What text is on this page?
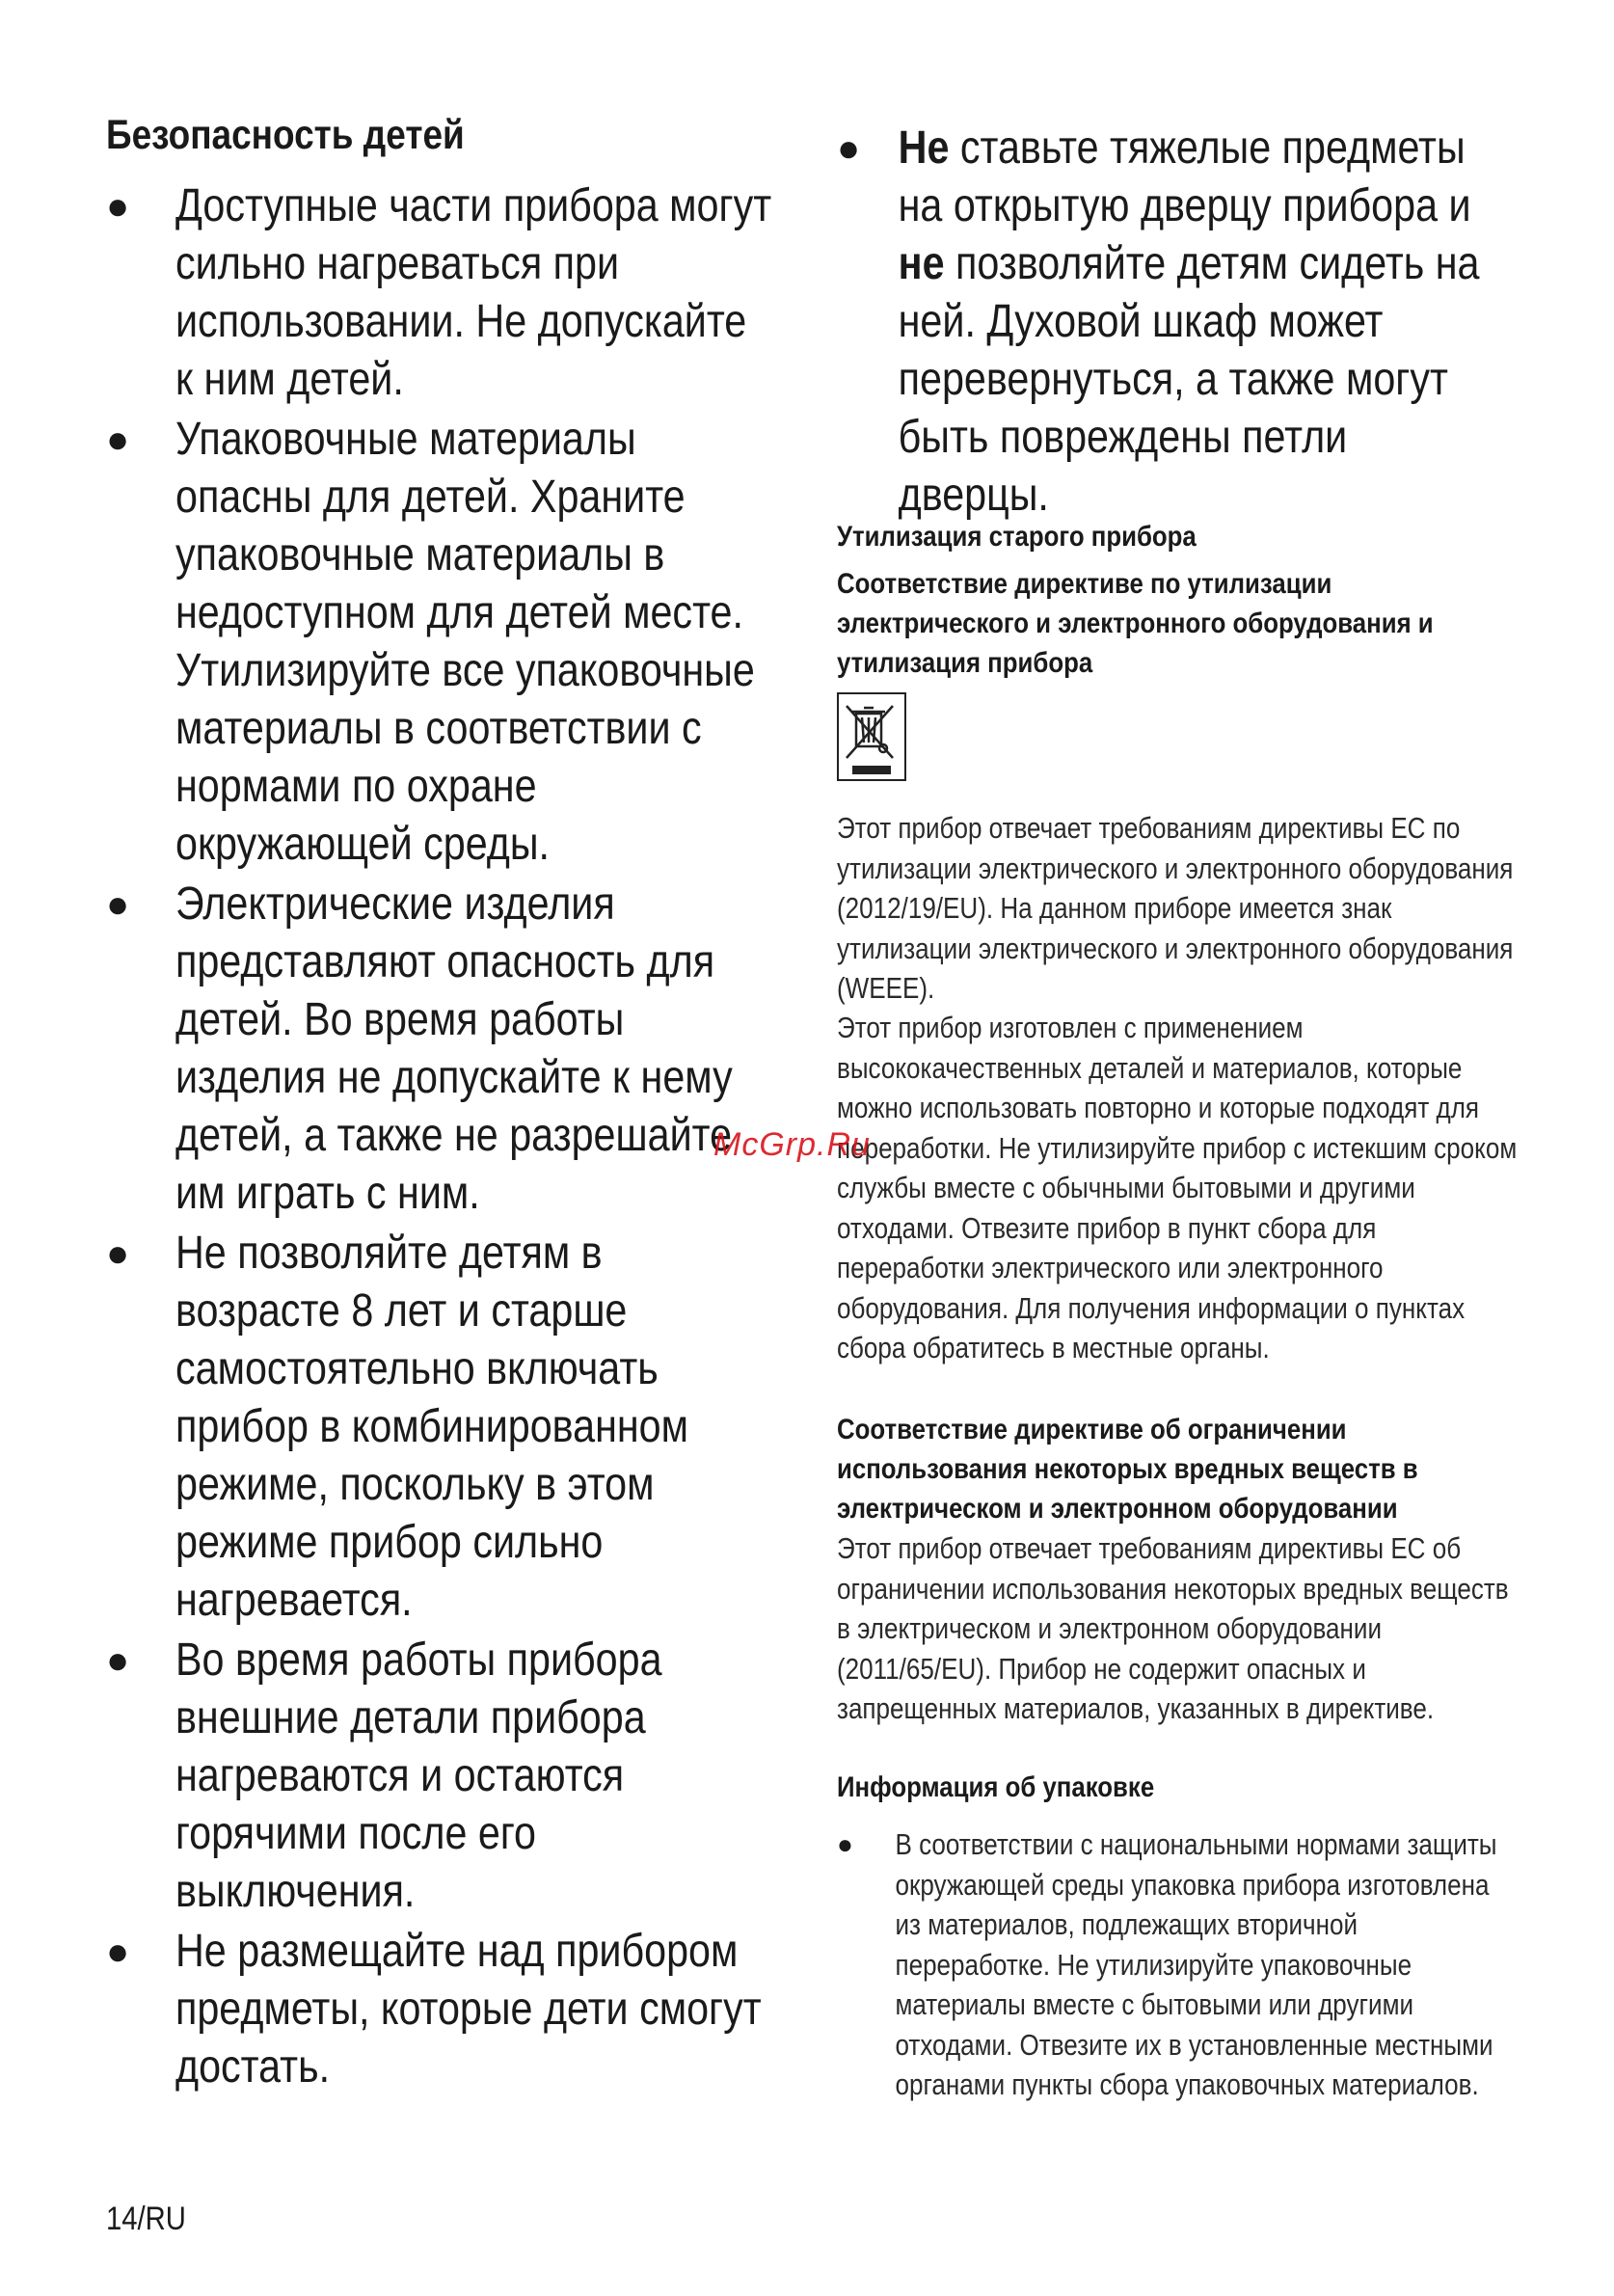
Безопасность детей
● Доступные части прибора могут сильно нагреваться при использовании. Не допускайте к ним детей.
● Упаковочные материалы опасны для детей. Храните упаковочные материалы в недоступном для детей месте. Утилизируйте все упаковочные материалы в соответствии с нормами по охране окружающей среды.
● Электрические изделия представляют опасность для детей. Во время работы изделия не допускайте к нему детей, а также не разрешайте им играть с ним.
● Не позволяйте детям в возрасте 8 лет и старше самостоятельно включать прибор в комбинированном режиме, поскольку в этом режиме прибор сильно нагревается.
● Во время работы прибора внешние детали прибора нагреваются и остаются горячими после его выключения.
● Не размещайте над прибором предметы, которые дети смогут достать.
● Не ставьте тяжелые предметы на открытую дверцу прибора и не позволяйте детям сидеть на ней. Духовой шкаф может перевернуться, а также могут быть повреждены петли дверцы.
Утилизация старого прибора
Соответствие директиве по утилизации электрического и электронного оборудования и утилизация прибора

Этот прибор отвечает требованиям директивы ЕС по утилизации электрического и электронного оборудования (2012/19/EU). На данном приборе имеется знак утилизации электрического и электронного оборудования (WEEE).

Этот прибор изготовлен с применением высококачественных деталей и материалов, которые можно использовать повторно и которые подходят для переработки. Не утилизируйте прибор с истекшим сроком службы вместе с обычными бытовыми и другими отходами. Отвезите прибор в пункт сбора для переработки электрического или электронного оборудования. Для получения информации о пунктах сбора обратитесь в местные органы.

Соответствие директиве об ограничении использования некоторых вредных веществ в электрическом и электронном оборудовании

Этот прибор отвечает требованиям директивы ЕС об ограничении использования некоторых вредных веществ в электрическом и электронном оборудовании (2011/65/EU). Прибор не содержит опасных и запрещенных материалов, указанных в директиве.

Информация об упаковке
●	В соответствии с национальными нормами защиты окружающей среды упаковка прибора изготовлена из материалов, подлежащих вторичной переработке. Не утилизируйте упаковочные материалы вместе с бытовыми или другими отходами. Отвезите их в установленные местными органами пункты сбора упаковочных материалов.
McGrp.Ru
14/RU
